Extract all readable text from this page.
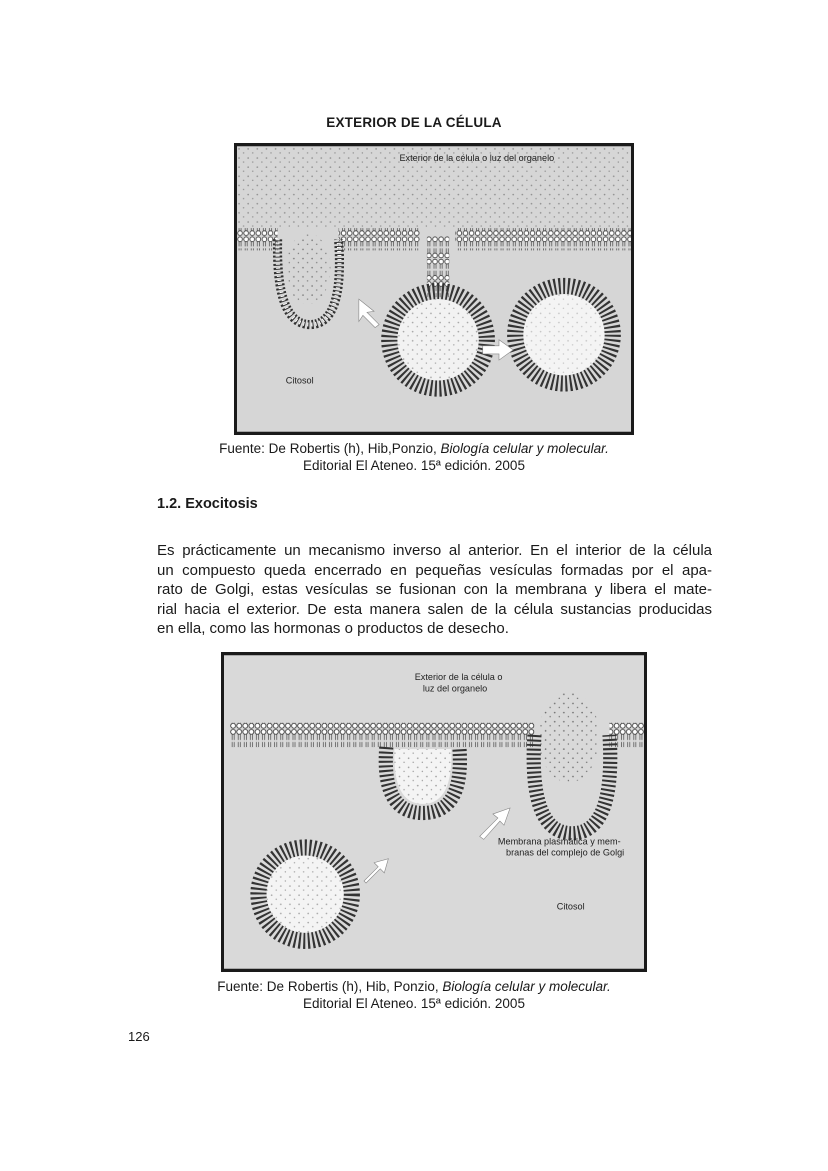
EXTERIOR DE LA CÉLULA
Exterior de la célula o luz del organelo
Citosol
Fuente: De Robertis (h), Hib,Ponzio, Biología celular y molecular.
Editorial El Ateneo. 15ª edición. 2005
1.2. Exocitosis
Es prácticamente un mecanismo inverso al anterior. En el interior de la célula
un compuesto queda encerrado en pequeñas vesículas formadas por el apa-
rato de Golgi, estas vesículas se fusionan con la membrana y libera el mate-
rial hacia el exterior. De esta manera salen de la célula sustancias producidas
en ella, como las hormonas o productos de desecho.
Exterior de la célula o
luz del organelo
Membrana plasmática y mem-
branas del complejo de Golgi
Citosol
Fuente: De Robertis (h), Hib, Ponzio, Biología celular y molecular.
Editorial El Ateneo. 15ª edición. 2005
126
